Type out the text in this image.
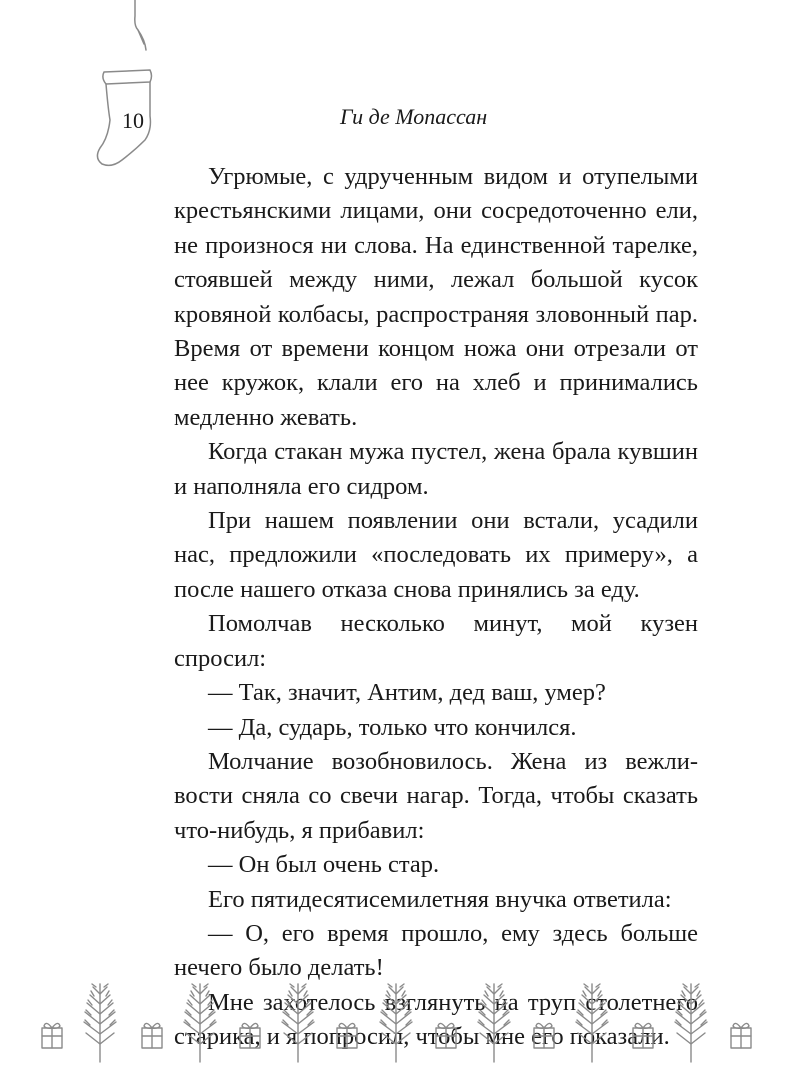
10	Ги де Мопассан

Угрюмые, с удрученным видом и отупелыми крестьянскими лицами, они сосредоточенно ели, не произнося ни слова. На единственной тарелке, стоявшей между ними, лежал большой кусок кровяной колбасы, распространяя зловонный пар. Время от времени концом ножа они отрезали от нее кружок, клали его на хлеб и принимались медленно жевать.

Когда стакан мужа пустел, жена брала кувшин и наполняла его сидром.

При нашем появлении они встали, усадили нас, предложили «последовать их примеру», а после нашего отказа снова принялись за еду.

Помолчав несколько минут, мой кузен спросил:

— Так, значит, Антим, дед ваш, умер?

— Да, сударь, только что кончился.

Молчание возобновилось. Жена из вежливости сняла со свечи нагар. Тогда, чтобы сказать что-нибудь, я прибавил:

— Он был очень стар.

Его пятидесятисемилетняя внучка ответила:

— О, его время прошло, ему здесь больше нечего было делать!

Мне захотелось взглянуть на труп столетнего старика, и я попросил, чтобы мне его показали.
